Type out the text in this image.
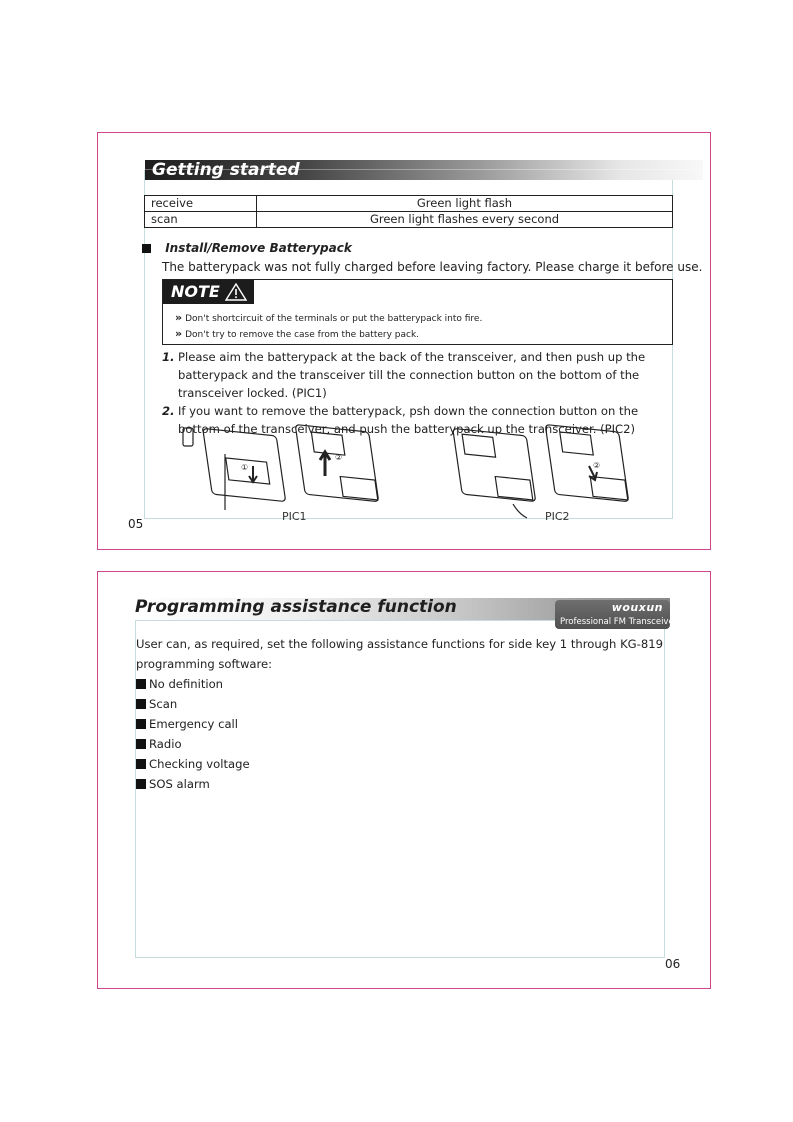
Getting started
receive	Green light flash
scan	Green light flashes every second
Install/Remove Batterypack
The batterypack was not fully charged before leaving factory. Please charge it before use.
NOTE
» Don't shortcircuit of the terminals or put the batterypack into fire.
» Don't try to remove the case from the battery pack.
1. Please aim the batterypack at the back of the transceiver, and then push up the batterypack and the transceiver till the connection button on the bottom of the transceiver locked. (PIC1)
2. If you want to remove the batterypack, psh down the connection button on the bottom of the transceiver, and push the batterypack up the transceiver. (PIC2)
①
②
②
PIC1	PIC2
05
Programming assistance function	wouxun
Professional FM Transceiver
User can, as required, set the following assistance functions for side key 1 through KG-819 programming software:
No definition
Scan
Emergency call
Radio
Checking voltage
SOS alarm
06
